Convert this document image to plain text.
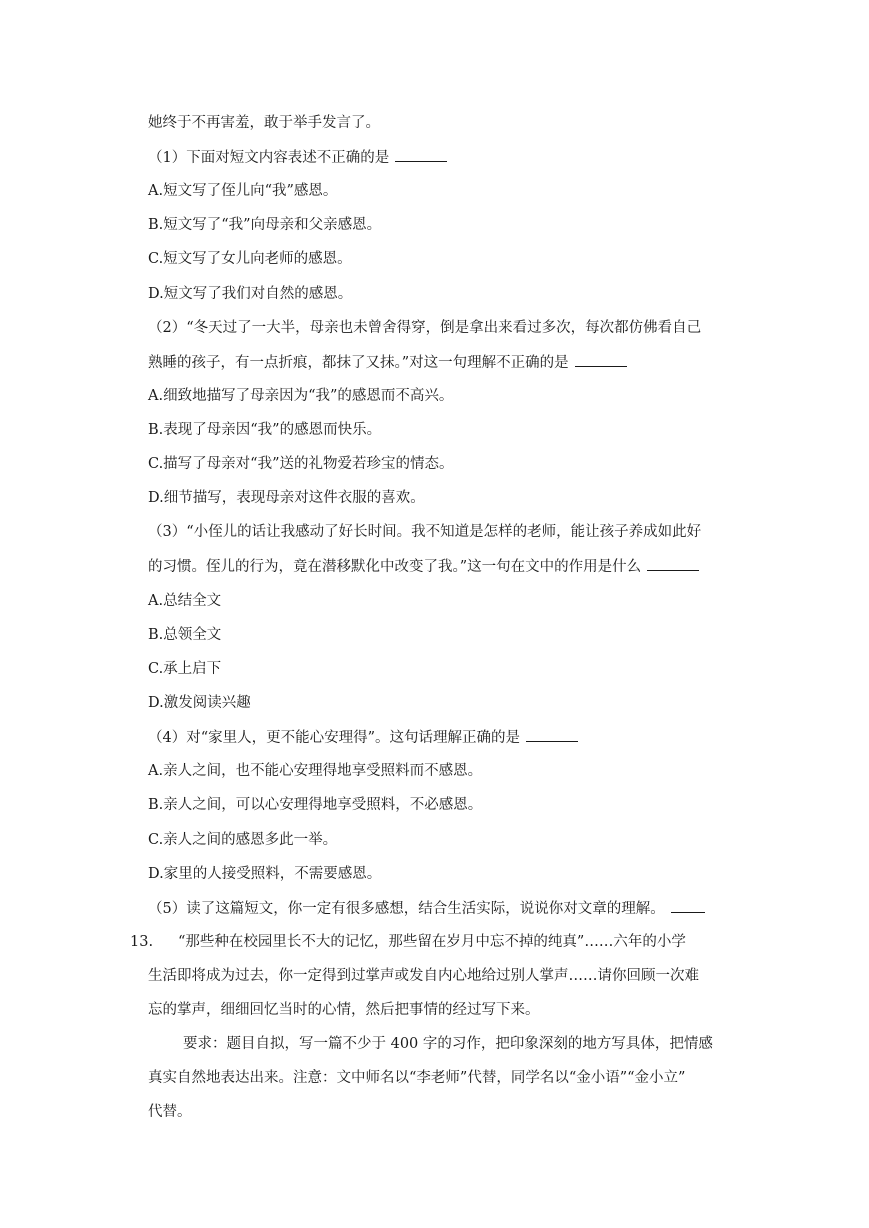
她终于不再害羞，敢于举手发言了。
（1）下面对短文内容表述不正确的是
A.短文写了侄儿向“我”感恩。
B.短文写了“我”向母亲和父亲感恩。
C.短文写了女儿向老师的感恩。
D.短文写了我们对自然的感恩。
（2）“冬天过了一大半，母亲也未曾舍得穿，倒是拿出来看过多次，每次都仿佛看自己
熟睡的孩子，有一点折痕，都抹了又抹。”对这一句理解不正确的是
A.细致地描写了母亲因为“我”的感恩而不高兴。
B.表现了母亲因“我”的感恩而快乐。
C.描写了母亲对“我”送的礼物爱若珍宝的情态。
D.细节描写，表现母亲对这件衣服的喜欢。
（3）“小侄儿的话让我感动了好长时间。我不知道是怎样的老师，能让孩子养成如此好
的习惯。侄儿的行为，竟在潜移默化中改变了我。”这一句在文中的作用是什么
A.总结全文
B.总领全文
C.承上启下
D.激发阅读兴趣
（4）对“家里人，更不能心安理得”。这句话理解正确的是
A.亲人之间，也不能心安理得地享受照料而不感恩。
B.亲人之间，可以心安理得地享受照料，不必感恩。
C.亲人之间的感恩多此一举。
D.家里的人接受照料，不需要感恩。
（5）读了这篇短文，你一定有很多感想，结合生活实际，说说你对文章的理解。
13. “那些种在校园里长不大的记忆，那些留在岁月中忘不掉的纯真”……六年的小学
生活即将成为过去，你一定得到过掌声或发自内心地给过别人掌声……请你回顾一次难
忘的掌声，细细回忆当时的心情，然后把事情的经过写下来。
要求：题目自拟，写一篇不少于 400 字的习作，把印象深刻的地方写具体，把情感
真实自然地表达出来。注意：文中师名以“李老师”代替，同学名以“金小语”“金小立”
代替。
